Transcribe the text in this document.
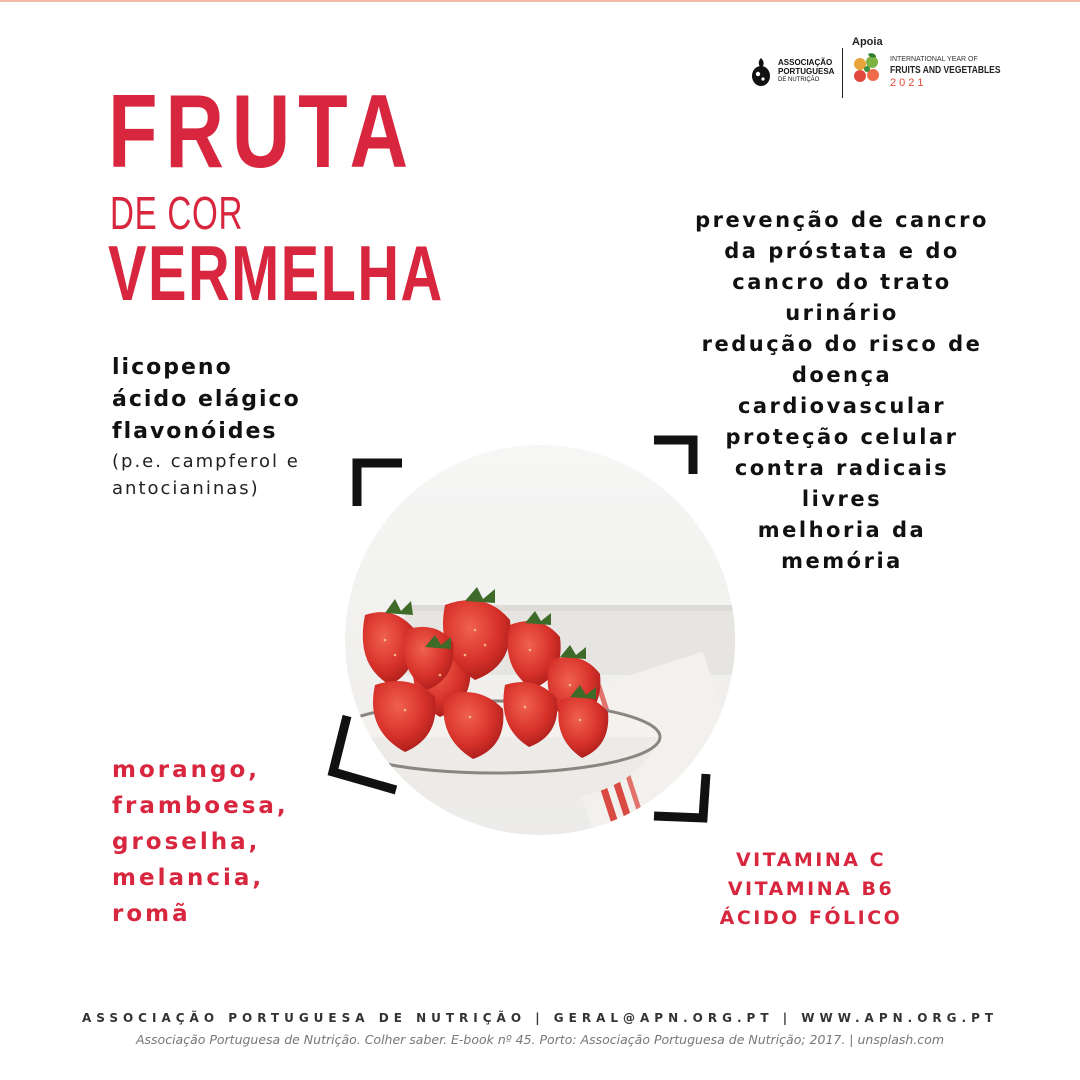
FRUTA
DE COR
VERMELHA
ASSOCIAÇÃO
PORTUGUESA
DE NUTRIÇÃO
Apoia
INTERNATIONAL YEAR OF
FRUITS AND VEGETABLES
2021
licopeno
ácido elágico
flavonóides
(p.e. campferol e
antocianinas)
prevenção de cancro
da próstata e do
cancro do trato
urinário
redução do risco de
doença
cardiovascular
proteção celular
contra radicais
livres
melhoria da
memória
morango,
framboesa,
groselha,
melancia,
romã
VITAMINA C
VITAMINA B6
ÁCIDO FÓLICO
ASSOCIAÇÃO PORTUGUESA DE NUTRIÇÃO | GERAL@APN.ORG.PT | WWW.APN.ORG.PT
Associação Portuguesa de Nutrição. Colher saber. E-book nº 45. Porto: Associação Portuguesa de Nutrição; 2017. | unsplash.com
